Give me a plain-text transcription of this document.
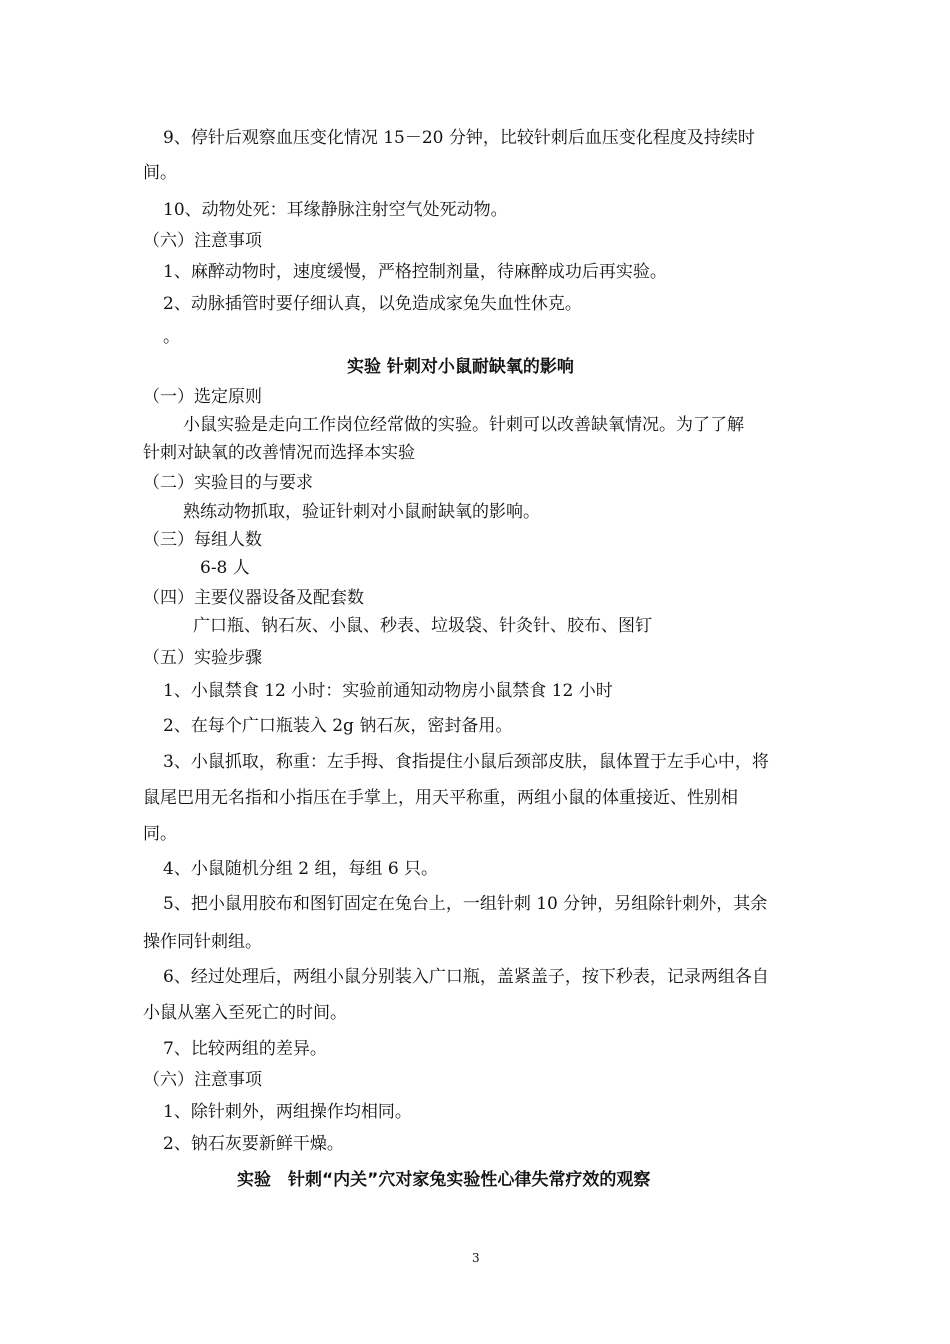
9、停针后观察血压变化情况 15－20 分钟，比较针刺后血压变化程度及持续时
间。
10、动物处死：耳缘静脉注射空气处死动物。
（六）注意事项
1、麻醉动物时，速度缓慢，严格控制剂量，待麻醉成功后再实验。
2、动脉插管时要仔细认真，以免造成家兔失血性休克。
。
实验 针刺对小鼠耐缺氧的影响
（一）选定原则
小鼠实验是走向工作岗位经常做的实验。针刺可以改善缺氧情况。为了了解
针刺对缺氧的改善情况而选择本实验
（二）实验目的与要求
熟练动物抓取，验证针刺对小鼠耐缺氧的影响。
（三）每组人数
6-8 人
（四）主要仪器设备及配套数
广口瓶、钠石灰、小鼠、秒表、垃圾袋、针灸针、胶布、图钉
（五）实验步骤
1、小鼠禁食 12 小时：实验前通知动物房小鼠禁食 12 小时
2、在每个广口瓶装入 2g 钠石灰，密封备用。
3、小鼠抓取，称重：左手拇、食指提住小鼠后颈部皮肤，鼠体置于左手心中，将
鼠尾巴用无名指和小指压在手掌上，用天平称重，两组小鼠的体重接近、性别相
同。
4、小鼠随机分组 2 组，每组 6 只。
5、把小鼠用胶布和图钉固定在兔台上，一组针刺 10 分钟，另组除针刺外，其余
操作同针刺组。
6、经过处理后，两组小鼠分别装入广口瓶，盖紧盖子，按下秒表，记录两组各自
小鼠从塞入至死亡的时间。
7、比较两组的差异。
（六）注意事项
1、除针刺外，两组操作均相同。
2、钠石灰要新鲜干燥。
实验　针刺“内关”穴对家兔实验性心律失常疗效的观察
3
